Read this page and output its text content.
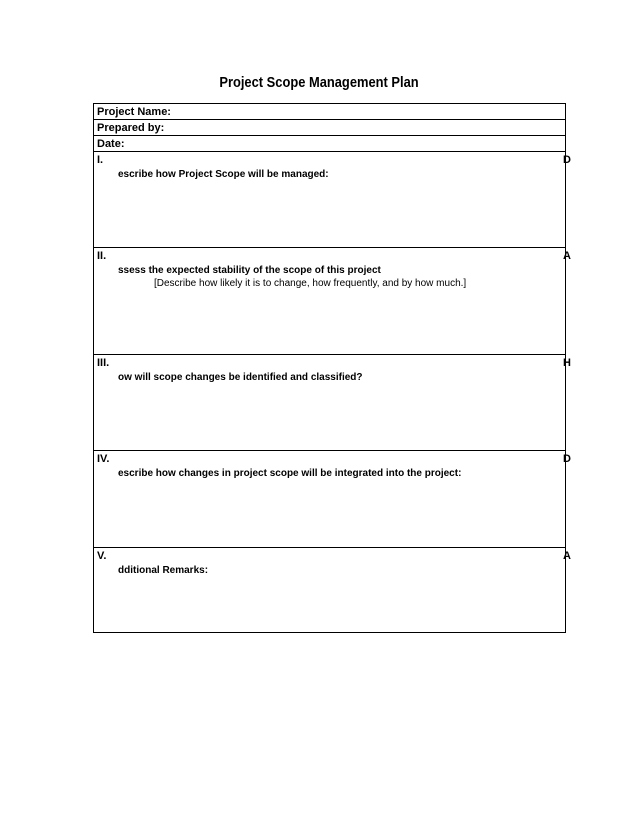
Project Scope Management Plan
Project Name:
Prepared by:
Date:
I.	D
escribe how Project Scope will be managed:
II.	A
ssess the expected stability of the scope of this project
[Describe how likely it is to change, how frequently, and by how much.]
III.	H
ow will scope changes be identified and classified?
IV.	D
escribe how changes in project scope will be integrated into the project:
V.	A
dditional Remarks:
